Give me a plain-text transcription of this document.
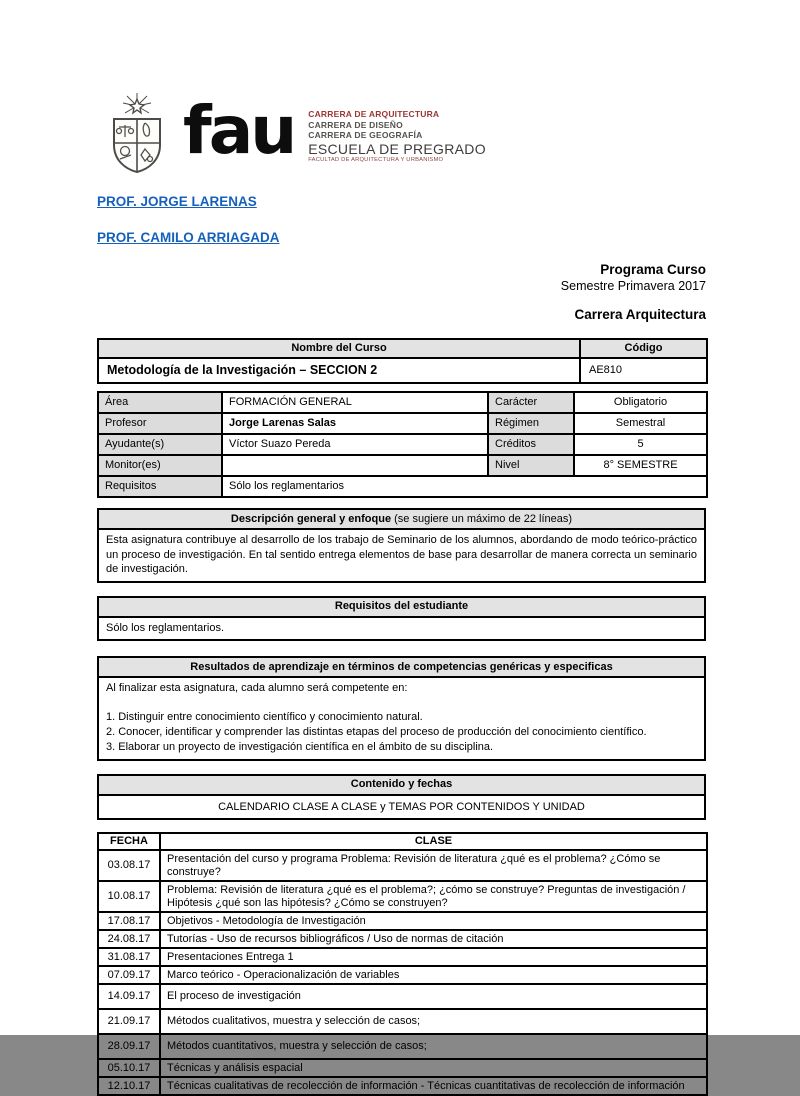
fau CARRERA DE ARQUITECTURA
CARRERA DE DISEÑO
CARRERA DE GEOGRAFÍA
ESCUELA DE PREGRADO
FACULTAD DE ARQUITECTURA Y URBANISMO
PROF. JORGE LARENAS
PROF. CAMILO ARRIAGADA
Programa Curso
Semestre Primavera 2017
Carrera Arquitectura
Nombre del Curso	Código
Metodología de la Investigación – SECCION 2	AE810
Área	FORMACIÓN GENERAL	Carácter	Obligatorio
Profesor	Jorge Larenas Salas	Régimen	Semestral
Ayudante(s)	Víctor Suazo Pereda	Créditos	5
Monitor(es)		Nivel	8° SEMESTRE
Requisitos	Sólo los reglamentarios		
Descripción general y enfoque (se sugiere un máximo de 22 líneas)
Esta asignatura contribuye al desarrollo de los trabajo de Seminario de los alumnos, abordando de modo teórico-práctico un proceso de investigación. En tal sentido entrega elementos de base para desarrollar de manera correcta un seminario de investigación.
Requisitos del estudiante
Sólo los reglamentarios.
Resultados de aprendizaje en términos de competencias genéricas y especificas
Al finalizar esta asignatura, cada alumno será competente en:
1. Distinguir entre conocimiento científico y conocimiento natural.
2. Conocer, identificar y comprender las distintas etapas del proceso de producción del conocimiento científico.
3. Elaborar un proyecto de investigación científica en el ámbito de su disciplina.
Contenido y fechas
CALENDARIO CLASE A CLASE y TEMAS POR CONTENIDOS Y UNIDAD
FECHA	CLASE
03.08.17	Presentación del curso y programa Problema: Revisión de literatura ¿qué es el problema? ¿Cómo se construye?
10.08.17	Problema: Revisión de literatura ¿qué es el problema?; ¿cómo se construye? Preguntas de investigación / Hipótesis ¿qué son las hipótesis? ¿Cómo se construyen?
17.08.17	Objetivos - Metodología de Investigación
24.08.17	Tutorías - Uso de recursos bibliográficos / Uso de normas de citación
31.08.17	Presentaciones Entrega 1
07.09.17	Marco teórico - Operacionalización de variables
14.09.17	El proceso de investigación
21.09.17	Métodos cualitativos, muestra y selección de casos;
28.09.17	Métodos cuantitativos, muestra y selección de casos;
05.10.17	Técnicas y análisis espacial
12.10.17	Técnicas cualitativas de recolección de información - Técnicas cuantitativas de recolección de información
